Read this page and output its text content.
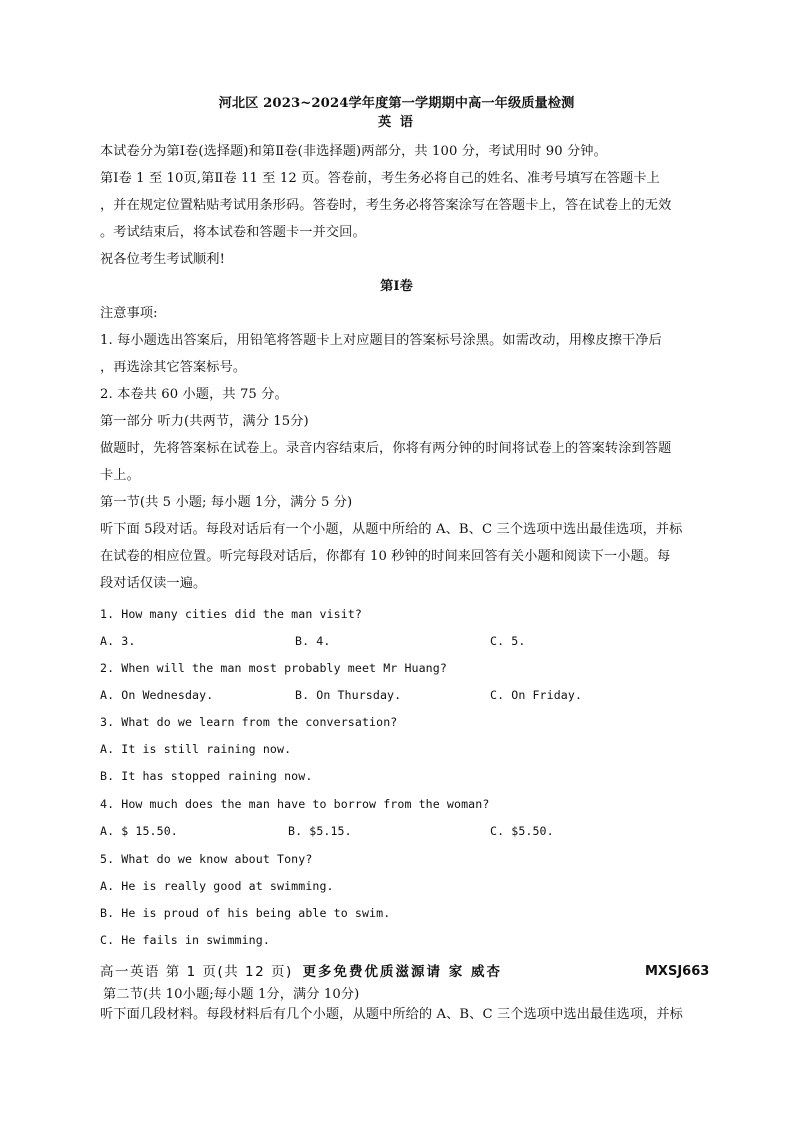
河北区 2023~2024学年度第一学期期中高一年级质量检测
英 语
本试卷分为第Ⅰ卷(选择题)和第Ⅱ卷(非选择题)两部分，共 100 分，考试用时 90 分钟。
第Ⅰ卷 1 至 10页,第Ⅱ卷 11 至 12 页。答卷前，考生务必将自己的姓名、准考号填写在答题卡上
，并在规定位置粘贴考试用条形码。答卷时，考生务必将答案涂写在答题卡上，答在试卷上的无效
。考试结束后，将本试卷和答题卡一并交回。
祝各位考生考试顺利!
第Ⅰ卷
注意事项:
1. 每小题选出答案后，用铅笔将答题卡上对应题目的答案标号涂黑。如需改动，用橡皮擦干净后
，再选涂其它答案标号。
2. 本卷共 60 小题，共 75 分。
第一部分 听力(共两节，满分 15分)
做题时，先将答案标在试卷上。录音内容结束后，你将有两分钟的时间将试卷上的答案转涂到答题
卡上。
第一节(共 5 小题; 每小题 1分，满分 5 分)
听下面 5段对话。每段对话后有一个小题，从题中所给的 A、B、C 三个选项中选出最佳选项，并标
在试卷的相应位置。听完每段对话后，你都有 10 秒钟的时间来回答有关小题和阅读下一小题。每
段对话仅读一遍。
1. How many cities did the man visit?
A. 3.	B. 4.	C. 5.
2. When will the man most probably meet Mr Huang?
A. On Wednesday.	B. On Thursday.	C. On Friday.
3. What do we learn from the conversation?
A. It is still raining now.
B. It has stopped raining now.
4. How much does the man have to borrow from the woman?
A. $ 15.50.	B. $5.15.	C. $5.50.
5. What do we know about Tony?
A. He is really good at swimming.
B. He is proud of his being able to swim.
C. He fails in swimming.
高一英语 第 1 页(共 12 页) 更多免费优质滋源请 家 威杏	MXSJ663
第二节(共 10小题;每小题 1分，满分 10分)
听下面几段材料。每段材料后有几个小题，从题中所给的 A、B、C 三个选项中选出最佳选项，并标
